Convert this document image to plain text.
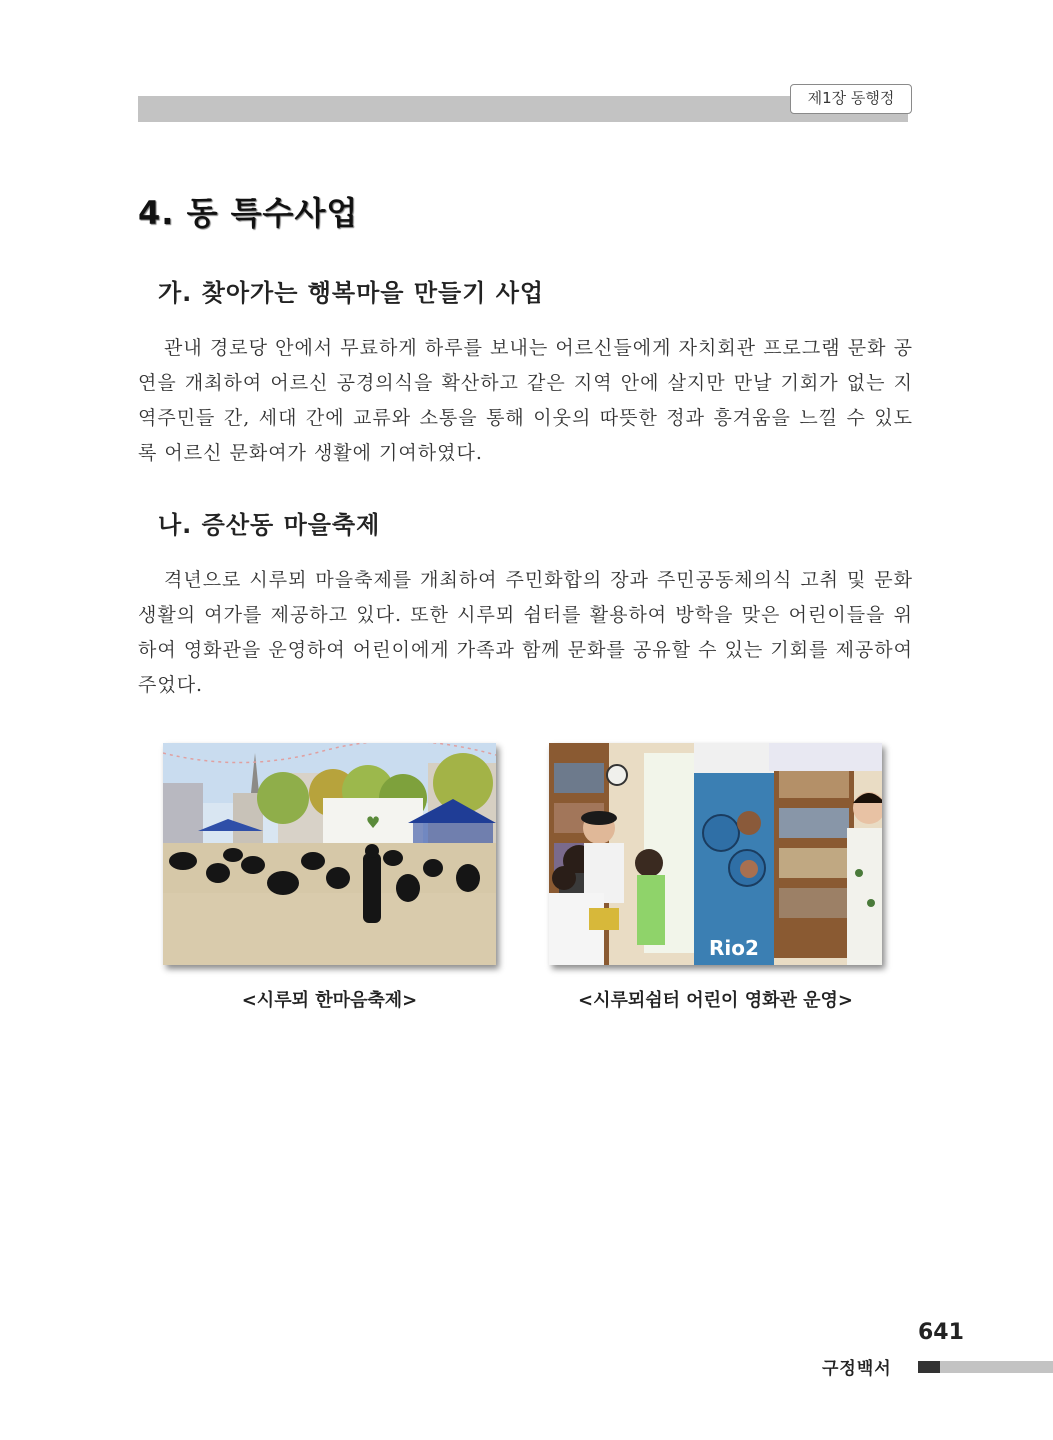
제1장 동행정
4. 동 특수사업
가. 찾아가는 행복마을 만들기 사업

관내 경로당 안에서 무료하게 하루를 보내는 어르신들에게 자치회관 프로그램 문화 공연을 개최하여 어르신 공경의식을 확산하고 같은 지역 안에 살지만 만날 기회가 없는 지역주민들 간, 세대 간에 교류와 소통을 통해 이웃의 따뜻한 정과 흥겨움을 느낄 수 있도록 어르신 문화여가 생활에 기여하였다.

나. 증산동 마을축제

격년으로 시루뫼 마을축제를 개최하여 주민화합의 장과 주민공동체의식 고취 및 문화생활의 여가를 제공하고 있다. 또한 시루뫼 쉼터를 활용하여 방학을 맞은 어린이들을 위하여 영화관을 운영하여 어린이에게 가족과 함께 문화를 공유할 수 있는 기회를 제공하여 주었다.

♥
Rio2

<시루뫼 한마음축제>	<시루뫼쉼터 어린이 영화관 운영>

641
구정백서
